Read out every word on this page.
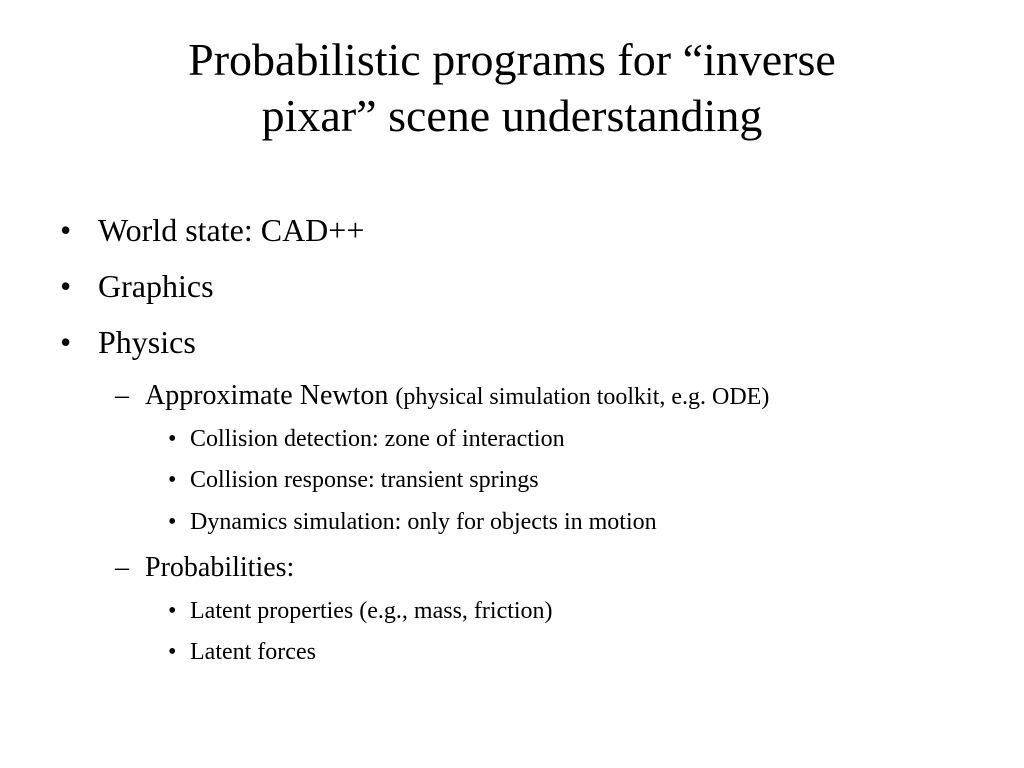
Probabilistic programs for “inverse
pixar” scene understanding
• World state: CAD++
• Graphics
• Physics
– Approximate Newton (physical simulation toolkit, e.g. ODE)
• Collision detection: zone of interaction
• Collision response: transient springs
• Dynamics simulation: only for objects in motion
– Probabilities:
• Latent properties (e.g., mass, friction)
• Latent forces
